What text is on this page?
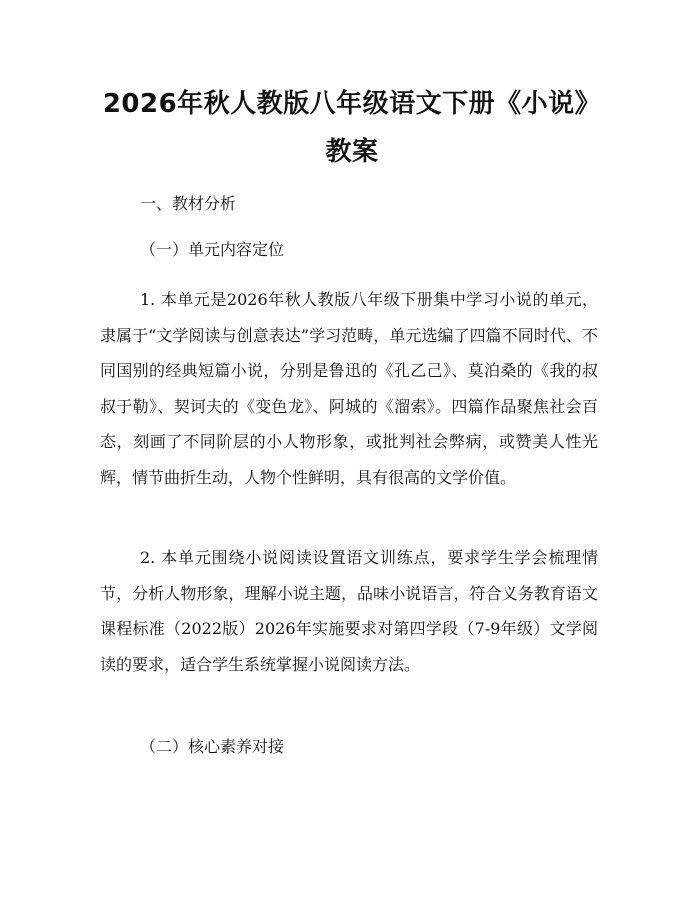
2026年秋人教版八年级语文下册《小说》教案

一、教材分析

（一）单元内容定位

1. 本单元是2026年秋人教版八年级下册集中学习小说的单元，隶属于“文学阅读与创意表达”学习范畴，单元选编了四篇不同时代、不同国别的经典短篇小说，分别是鲁迅的《孔乙己》、莫泊桑的《我的叔叔于勒》、契诃夫的《变色龙》、阿城的《溜索》。四篇作品聚焦社会百态，刻画了不同阶层的小人物形象，或批判社会弊病，或赞美人性光辉，情节曲折生动，人物个性鲜明，具有很高的文学价值。

2. 本单元围绕小说阅读设置语文训练点，要求学生学会梳理情节，分析人物形象，理解小说主题，品味小说语言，符合义务教育语文课程标准（2022版）2026年实施要求对第四学段（7-9年级）文学阅读的要求，适合学生系统掌握小说阅读方法。

（二）核心素养对接
